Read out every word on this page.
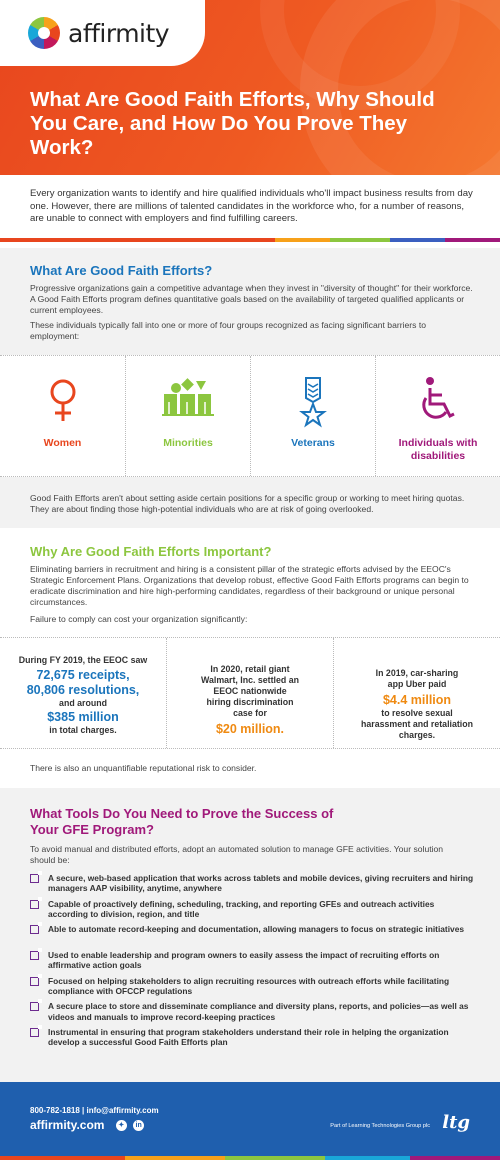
affirmity
What Are Good Faith Efforts, Why Should You Care, and How Do You Prove They Work?
Every organization wants to identify and hire qualified individuals who'll impact business results from day one. However, there are millions of talented candidates in the workforce who, for a number of reasons, are unable to connect with employers and find fulfilling careers.
What Are Good Faith Efforts?
Progressive organizations gain a competitive advantage when they invest in "diversity of thought" for their workforce. A Good Faith Efforts program defines quantitative goals based on the availability of targeted qualified applicants or current employees.
These individuals typically fall into one or more of four groups recognized as facing significant barriers to employment:
Women	Minorities	Veterans	Individuals with disabilities
Good Faith Efforts aren't about setting aside certain positions for a specific group or working to meet hiring quotas. They are about finding those high-potential individuals who are at risk of going overlooked.
Why Are Good Faith Efforts Important?
Eliminating barriers in recruitment and hiring is a consistent pillar of the strategic efforts advised by the EEOC's Strategic Enforcement Plans. Organizations that develop robust, effective Good Faith Efforts programs can begin to eradicate discrimination and hire high-performing candidates, regardless of their background or unique personal circumstances.
Failure to comply can cost your organization significantly:
During FY 2019, the EEOC saw
72,675 receipts,
80,806 resolutions,
and around
$385 million
in total charges.
In 2020, retail giant Walmart, Inc. settled an EEOC nationwide hiring discrimination case for
$20 million.
In 2019, car-sharing app Uber paid
$4.4 million
to resolve sexual harassment and retaliation charges.
There is also an unquantifiable reputational risk to consider.
What Tools Do You Need to Prove the Success of Your GFE Program?
To avoid manual and distributed efforts, adopt an automated solution to manage GFE activities. Your solution should be:
A secure, web-based application that works across tablets and mobile devices, giving recruiters and hiring managers AAP visibility, anytime, anywhere
Capable of proactively defining, scheduling, tracking, and reporting GFEs and outreach activities according to division, region, and title
Able to automate record-keeping and documentation, allowing managers to focus on strategic initiatives
Used to enable leadership and program owners to easily assess the impact of recruiting efforts on affirmative action goals
Focused on helping stakeholders to align recruiting resources with outreach efforts while facilitating compliance with OFCCP regulations
A secure place to store and disseminate compliance and diversity plans, reports, and policies—as well as videos and manuals to improve record-keeping practices
Instrumental in ensuring that program stakeholders understand their role in helping the organization develop a successful Good Faith Efforts plan
800-782-1818 | info@affirmity.com
affirmity.com ✦ in	Part of Learning Technologies Group plc ltg
